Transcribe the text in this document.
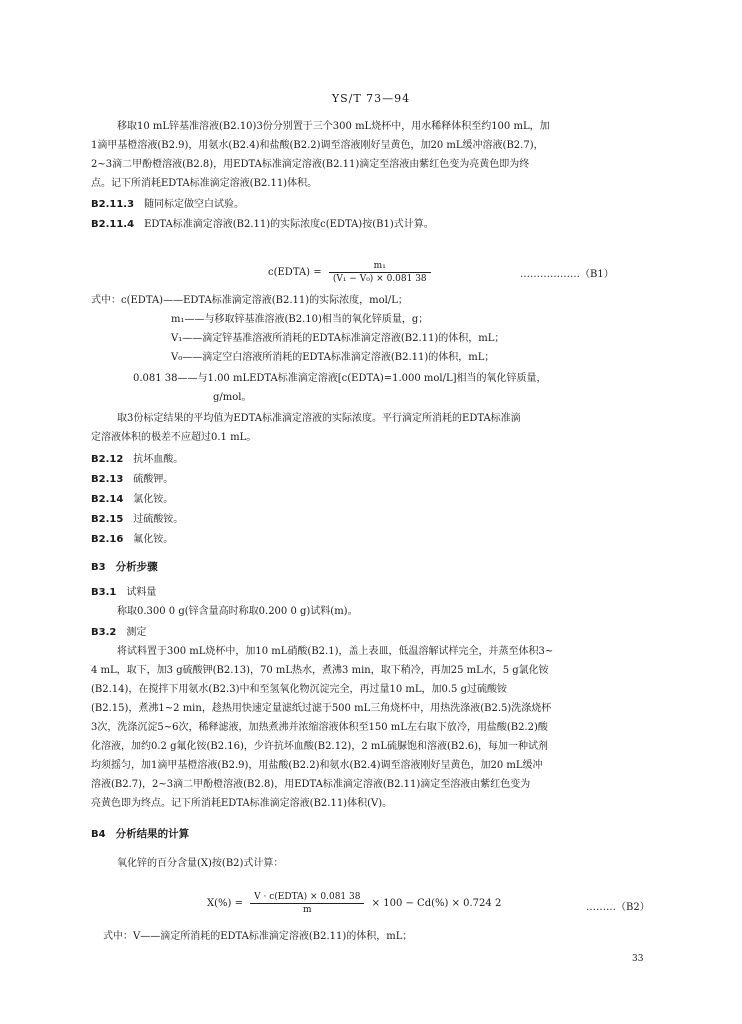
YS/T 73—94
移取10 mL锌基准溶液(B2.10)3份分别置于三个300 mL烧杯中，用水稀释体积至约100 mL，加
1滴甲基橙溶液(B2.9)，用氨水(B2.4)和盐酸(B2.2)调至溶液刚好呈黄色，加20 mL缓冲溶液(B2.7)，
2~3滴二甲酚橙溶液(B2.8)，用EDTA标准滴定溶液(B2.11)滴定至溶液由紫红色变为亮黄色即为终
点。记下所消耗EDTA标准滴定溶液(B2.11)体积。
B2.11.3 随同标定做空白试验。
B2.11.4 EDTA标准滴定溶液(B2.11)的实际浓度c(EDTA)按(B1)式计算。
c(EDTA) = $\frac{\text{m₁}}{\text{(V₁ − V₀) × 0.081 38}}$	………………（B1）
式中：c(EDTA)——EDTA标准滴定溶液(B2.11)的实际浓度，mol/L；
m₁——与移取锌基准溶液(B2.10)相当的氧化锌质量，g；
V₁——滴定锌基准溶液所消耗的EDTA标准滴定溶液(B2.11)的体积，mL；
V₀——滴定空白溶液所消耗的EDTA标准滴定溶液(B2.11)的体积，mL；
0.081 38——与1.00 mLEDTA标准滴定溶液[c(EDTA)=1.000 mol/L]相当的氧化锌质量，
g/mol。
取3份标定结果的平均值为EDTA标准滴定溶液的实际浓度。平行滴定所消耗的EDTA标准滴
定溶液体积的极差不应超过0.1 mL。
B2.12 抗坏血酸。
B2.13 硫酸钾。
B2.14 氯化铵。
B2.15 过硫酸铵。
B2.16 氟化铵。
B3 分析步骤
B3.1 试料量
称取0.300 0 g(锌含量高时称取0.200 0 g)试料(m)。
B3.2 测定
将试料置于300 mL烧杯中，加10 mL硝酸(B2.1)，盖上表皿，低温溶解试样完全，并蒸至体积3~
4 mL，取下，加3 g硫酸钾(B2.13)，70 mL热水，煮沸3 min，取下稍冷，再加25 mL水，5 g氯化铵
(B2.14)，在搅拌下用氨水(B2.3)中和至氢氧化物沉淀完全，再过量10 mL，加0.5 g过硫酸铵
(B2.15)，煮沸1~2 min，趁热用快速定量滤纸过滤于500 mL三角烧杯中，用热洗涤液(B2.5)洗涤烧杯
3次，洗涤沉淀5~6次，稀释滤液，加热煮沸并浓缩溶液体积至150 mL左右取下放冷，用盐酸(B2.2)酸
化溶液，加约0.2 g氟化铵(B2.16)，少许抗坏血酸(B2.12)，2 mL硫脲饱和溶液(B2.6)，每加一种试剂
均须摇匀，加1滴甲基橙溶液(B2.9)，用盐酸(B2.2)和氨水(B2.4)调至溶液刚好呈黄色，加20 mL缓冲
溶液(B2.7)，2~3滴二甲酚橙溶液(B2.8)，用EDTA标准滴定溶液(B2.11)滴定至溶液由紫红色变为
亮黄色即为终点。记下所消耗EDTA标准滴定溶液(B2.11)体积(V)。
B4 分析结果的计算
氧化锌的百分含量(X)按(B2)式计算：
$X(\%) = \frac{\text{V · c(EDTA) × 0.081 38}}{m} \times 100 - Cd(\%) \times 0.724$ 2	………（B2）
式中：V——滴定所消耗的EDTA标准滴定溶液(B2.11)的体积，mL；
33
